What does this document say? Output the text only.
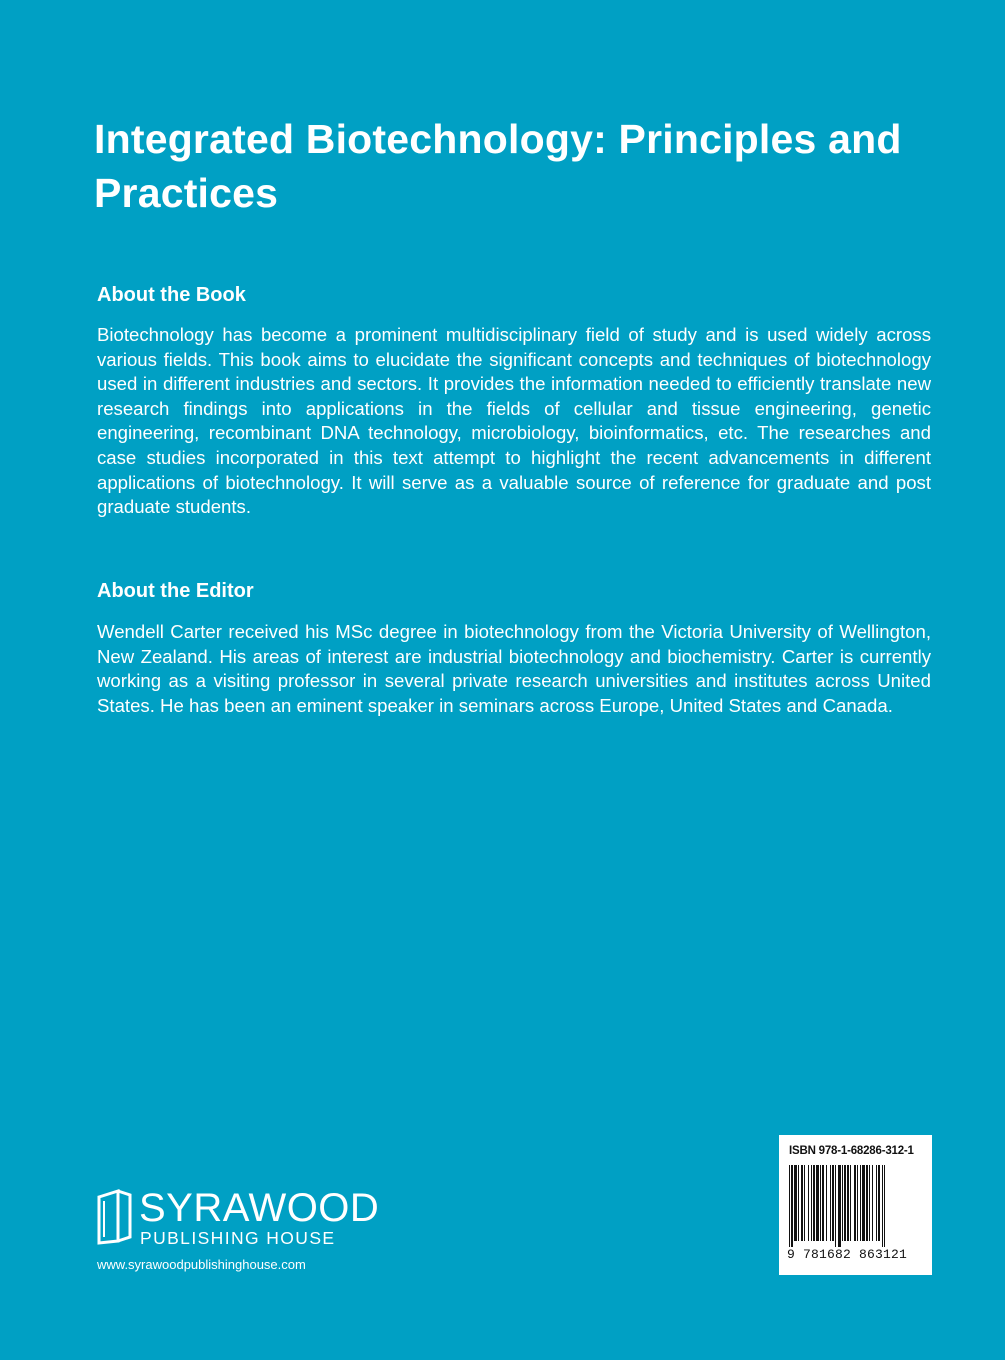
Integrated Biotechnology: Principles and Practices
About the Book

Biotechnology has become a prominent multidisciplinary field of study and is used widely across various fields. This book aims to elucidate the significant concepts and techniques of biotechnology used in different industries and sectors. It provides the information needed to efficiently translate new research findings into applications in the fields of cellular and tissue engineering, genetic engineering, recombinant DNA technology, microbiology, bioinformatics, etc. The researches and case studies incorporated in this text attempt to highlight the recent advancements in different applications of biotechnology. It will serve as a valuable source of reference for graduate and post graduate students.

About the Editor

Wendell Carter received his MSc degree in biotechnology from the Victoria University of Wellington, New Zealand. His areas of interest are industrial biotechnology and biochemistry. Carter is currently working as a visiting professor in several private research universities and institutes across United States. He has been an eminent speaker in seminars across Europe, United States and Canada.

SYRAWOOD
PUBLISHING HOUSE
www.syrawoodpublishinghouse.com
ISBN 978-1-68286-312-1
9 781682 863121
